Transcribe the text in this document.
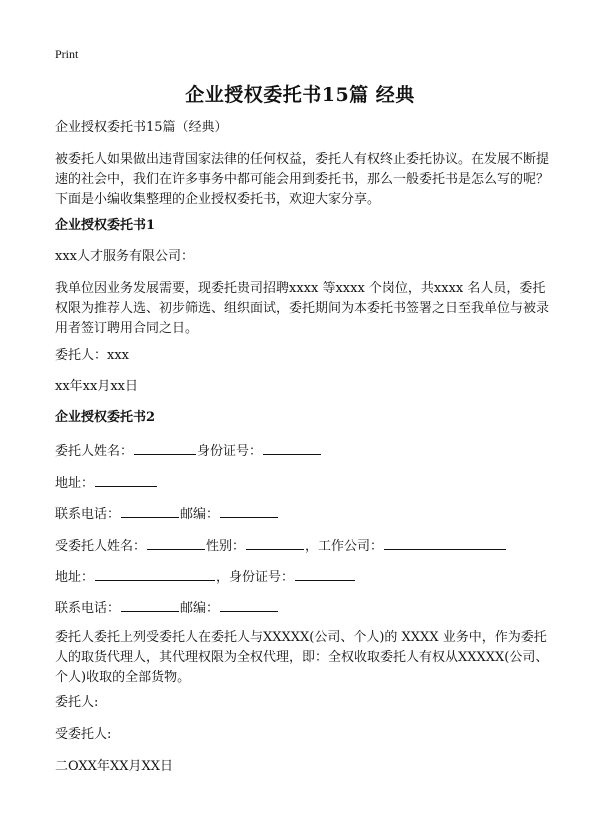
Print
企业授权委托书15篇 经典

企业授权委托书15篇（经典）

被委托人如果做出违背国家法律的任何权益，委托人有权终止委托协议。在发展不断提速的社会中，我们在许多事务中都可能会用到委托书，那么一般委托书是怎么写的呢？下面是小编收集整理的企业授权委托书，欢迎大家分享。

企业授权委托书1

xxx人才服务有限公司：

我单位因业务发展需要，现委托贵司招聘xxxx 等xxxx 个岗位，共xxxx 名人员，委托权限为推荐人选、初步筛选、组织面试，委托期间为本委托书签署之日至我单位与被录用者签订聘用合同之日。

委托人：xxx

xx年xx月xx日

企业授权委托书2

委托人姓名：	身份证号：

地址：

联系电话：	邮编：

受委托人姓名：	性别：	，工作公司：

地址：	，身份证号：

联系电话：	邮编：

委托人委托上列受委托人在委托人与XXXXX(公司、个人)的 XXXX 业务中，作为委托人的取货代理人，其代理权限为全权代理，即：全权收取委托人有权从XXXXX(公司、个人)收取的全部货物。

委托人:

受委托人:

二OXX年XX月XX日
